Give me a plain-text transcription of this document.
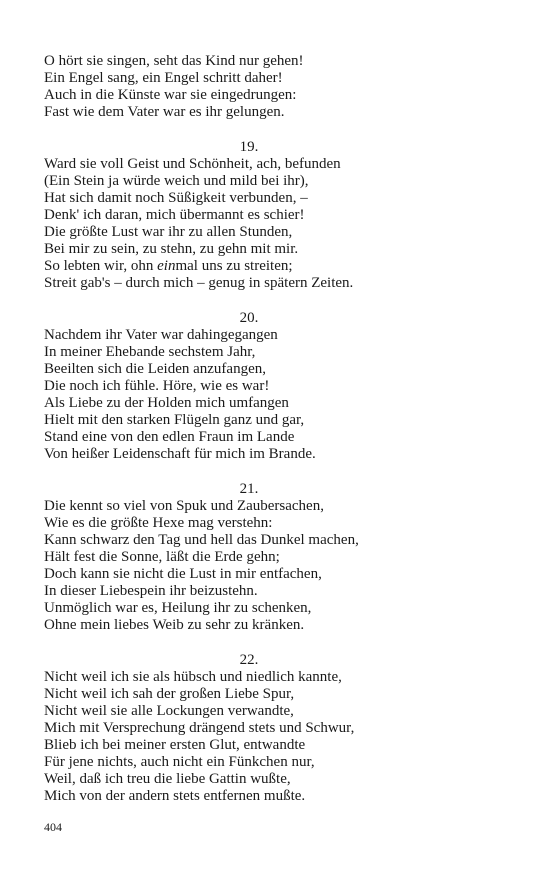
O hört sie singen, seht das Kind nur gehen!
Ein Engel sang, ein Engel schritt daher!
Auch in die Künste war sie eingedrungen:
Fast wie dem Vater war es ihr gelungen.
19.
Ward sie voll Geist und Schönheit, ach, befunden
(Ein Stein ja würde weich und mild bei ihr),
Hat sich damit noch Süßigkeit verbunden, –
Denk' ich daran, mich übermannt es schier!
Die größte Lust war ihr zu allen Stunden,
Bei mir zu sein, zu stehn, zu gehn mit mir.
So lebten wir, ohn einmal uns zu streiten;
Streit gab's – durch mich – genug in spätern Zeiten.
20.
Nachdem ihr Vater war dahingegangen
In meiner Ehebande sechstem Jahr,
Beeilten sich die Leiden anzufangen,
Die noch ich fühle. Höre, wie es war!
Als Liebe zu der Holden mich umfangen
Hielt mit den starken Flügeln ganz und gar,
Stand eine von den edlen Fraun im Lande
Von heißer Leidenschaft für mich im Brande.
21.
Die kennt so viel von Spuk und Zaubersachen,
Wie es die größte Hexe mag verstehn:
Kann schwarz den Tag und hell das Dunkel machen,
Hält fest die Sonne, läßt die Erde gehn;
Doch kann sie nicht die Lust in mir entfachen,
In dieser Liebespein ihr beizustehn.
Unmöglich war es, Heilung ihr zu schenken,
Ohne mein liebes Weib zu sehr zu kränken.
22.
Nicht weil ich sie als hübsch und niedlich kannte,
Nicht weil ich sah der großen Liebe Spur,
Nicht weil sie alle Lockungen verwandte,
Mich mit Versprechung drängend stets und Schwur,
Blieb ich bei meiner ersten Glut, entwandte
Für jene nichts, auch nicht ein Fünkchen nur,
Weil, daß ich treu die liebe Gattin wußte,
Mich von der andern stets entfernen mußte.
404
